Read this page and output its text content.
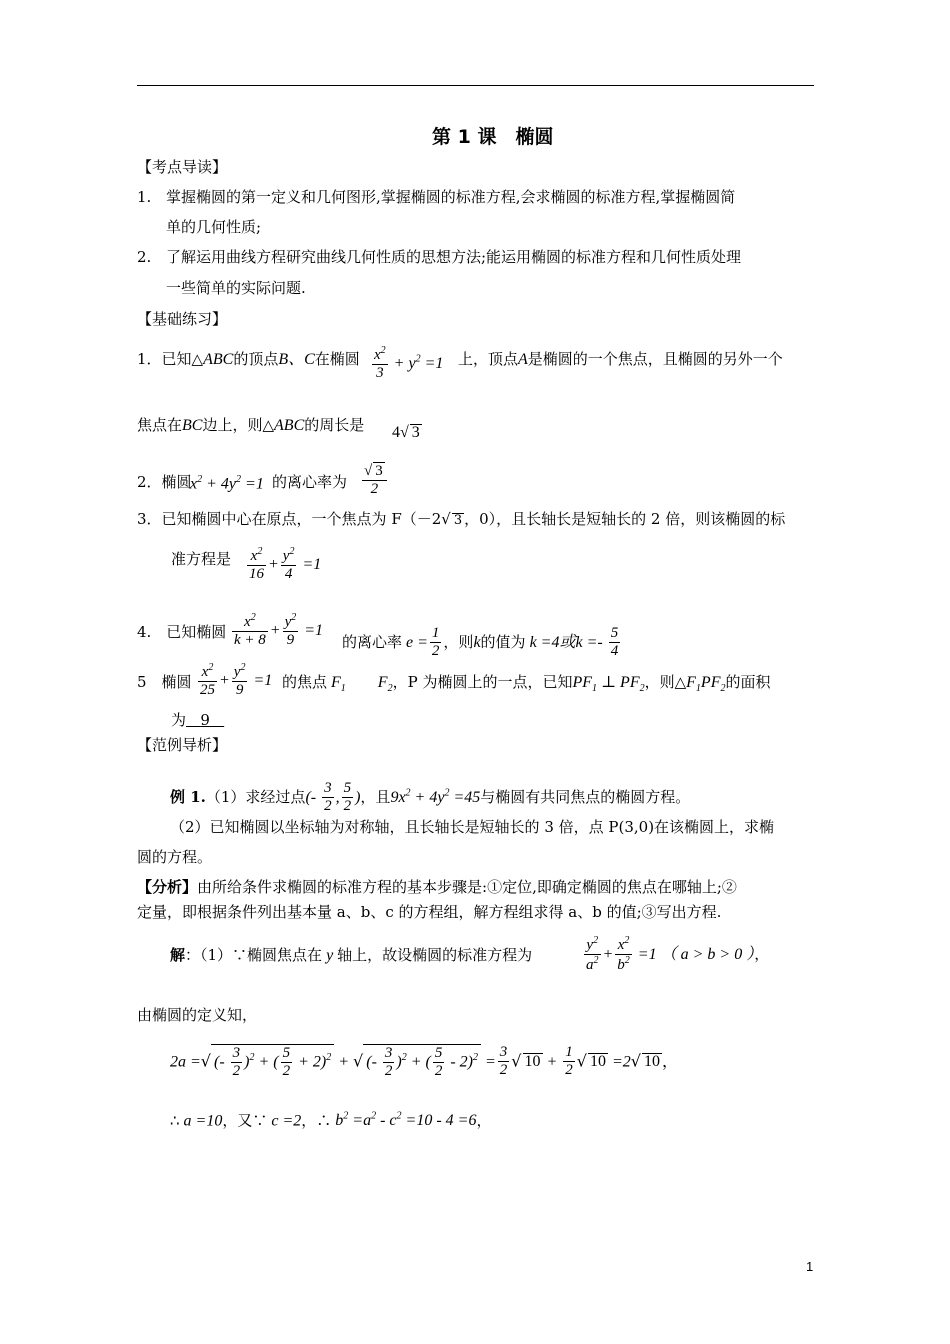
第 1 课　椭圆
【考点导读】
1. 掌握椭圆的第一定义和几何图形,掌握椭圆的标准方程,会求椭圆的标准方程,掌握椭圆简
单的几何性质;
2. 了解运用曲线方程研究曲线几何性质的思想方法;能运用椭圆的标准方程和几何性质处理
一些简单的实际问题.
【基础练习】
1．已知△ABC的顶点B、C在椭圆 $\frac{x^2}{3} + y^2 =1$ 上，顶点A是椭圆的一个焦点，且椭圆的另外一个
焦点在BC边上，则△ABC的周长是 4√ 3
2．椭圆
$x^2 + 4y^2 =1$ 的离心率为 $\frac{√ 3}{2}$
3．已知椭圆中心在原点，一个焦点为 F（－2√ 3 ，0），且长轴长是短轴长的 2 倍，则该椭圆的标
准方程是 $\frac{x^2}{16} + \frac{y^2}{4} =1$
4.　已知椭圆 $\frac{x^2}{k + 8} + \frac{y^2}{9} =1$
的离心率 $e = \frac{1}{2}$ ，则k的值为 k =4或$k =- \frac{5}{4}$
5　椭圆 $\frac{x^2}{25} + \frac{y^2}{9} =1$ 的焦点 $F_1$　　$F_2$，P 为椭圆上的一点，已知$PF_1$ ⊥ $PF_2$，则$\triangle F_1PF_2$的面积
为 9
【范例导析】
例 1.（1）求经过点(- $\frac{3}{2}$ , $\frac{5}{2}$ )，且$9x^2 + 4y^2 =45$与椭圆有共同焦点的椭圆方程。
（2）已知椭圆以坐标轴为对称轴，且长轴长是短轴长的 3 倍，点 P(3,0)在该椭圆上，求椭
圆的方程。
【分析】由所给条件求椭圆的标准方程的基本步骤是:①定位,即确定椭圆的焦点在哪轴上;②
定量，即根据条件列出基本量 a、b、c 的方程组，解方程组求得 a、b 的值;③写出方程.
解：（1）∵椭圆焦点在 y 轴上，故设椭圆的标准方程为	$\frac{y^2}{a^2} + \frac{x^2}{b^2} =1$ （ a > b > 0 ），
由椭圆的定义知，
2a =√ (- $\frac{3}{2} )^2$ + ( $\frac{5}{2} + 2)^2$ + √ (- $\frac{3}{2} )^2$ + ( $\frac{5}{2} - 2)^2 = \frac{3}{2}$ √ $10 + \frac{1}{2}$ √ 10 =2√ 10 ，
∴ a =10，又∵ c =2，∴ $b^2 =a^2 - c^2 =10 - 4 =6$，
1
